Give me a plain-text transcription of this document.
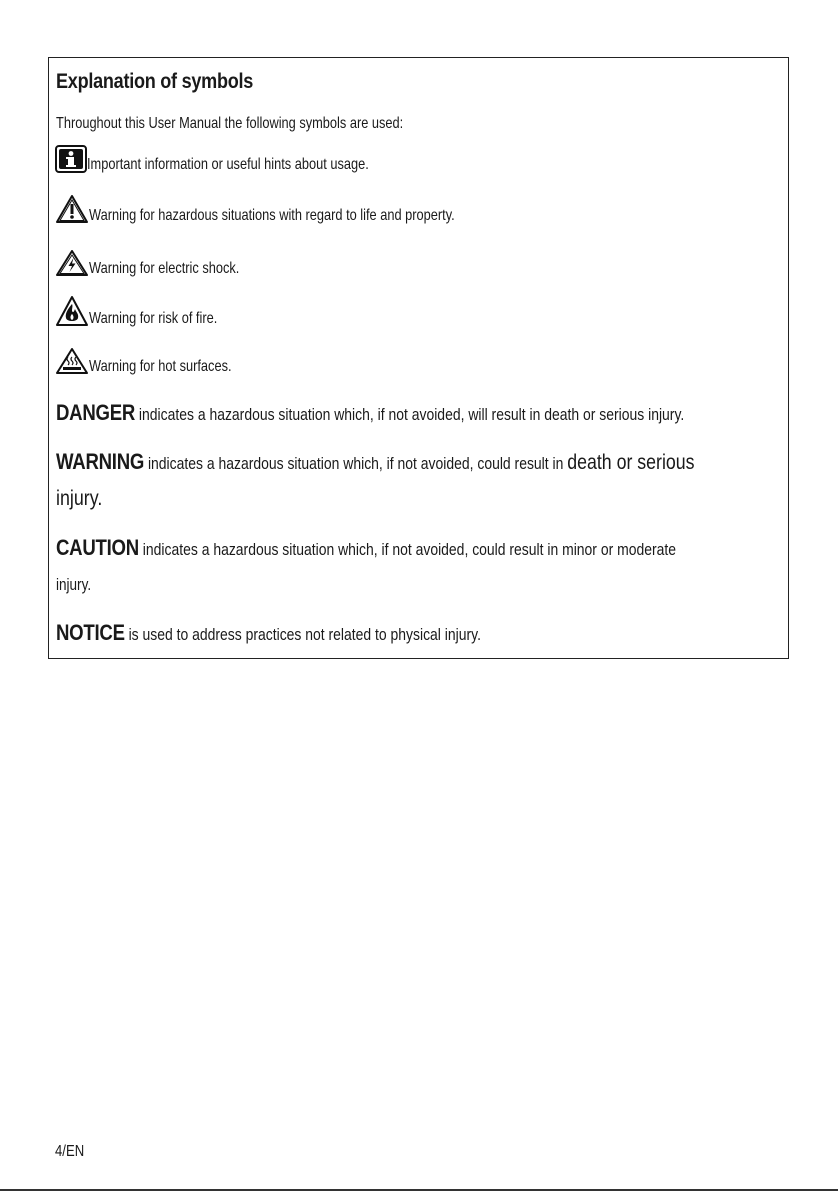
Explanation of symbols
Throughout this User Manual the following symbols are used:
Important information or useful hints about usage.
Warning for hazardous situations with regard to life and property.
Warning for electric shock.
Warning for risk of fire.
Warning for hot surfaces.
DANGER indicates a hazardous situation which, if not avoided, will result in death or serious injury.
WARNING indicates a hazardous situation which, if not avoided, could result in death or serious
injury.
CAUTION indicates a hazardous situation which, if not avoided, could result in minor or moderate
injury.
NOTICE is used to address practices not related to physical injury.
4/EN
